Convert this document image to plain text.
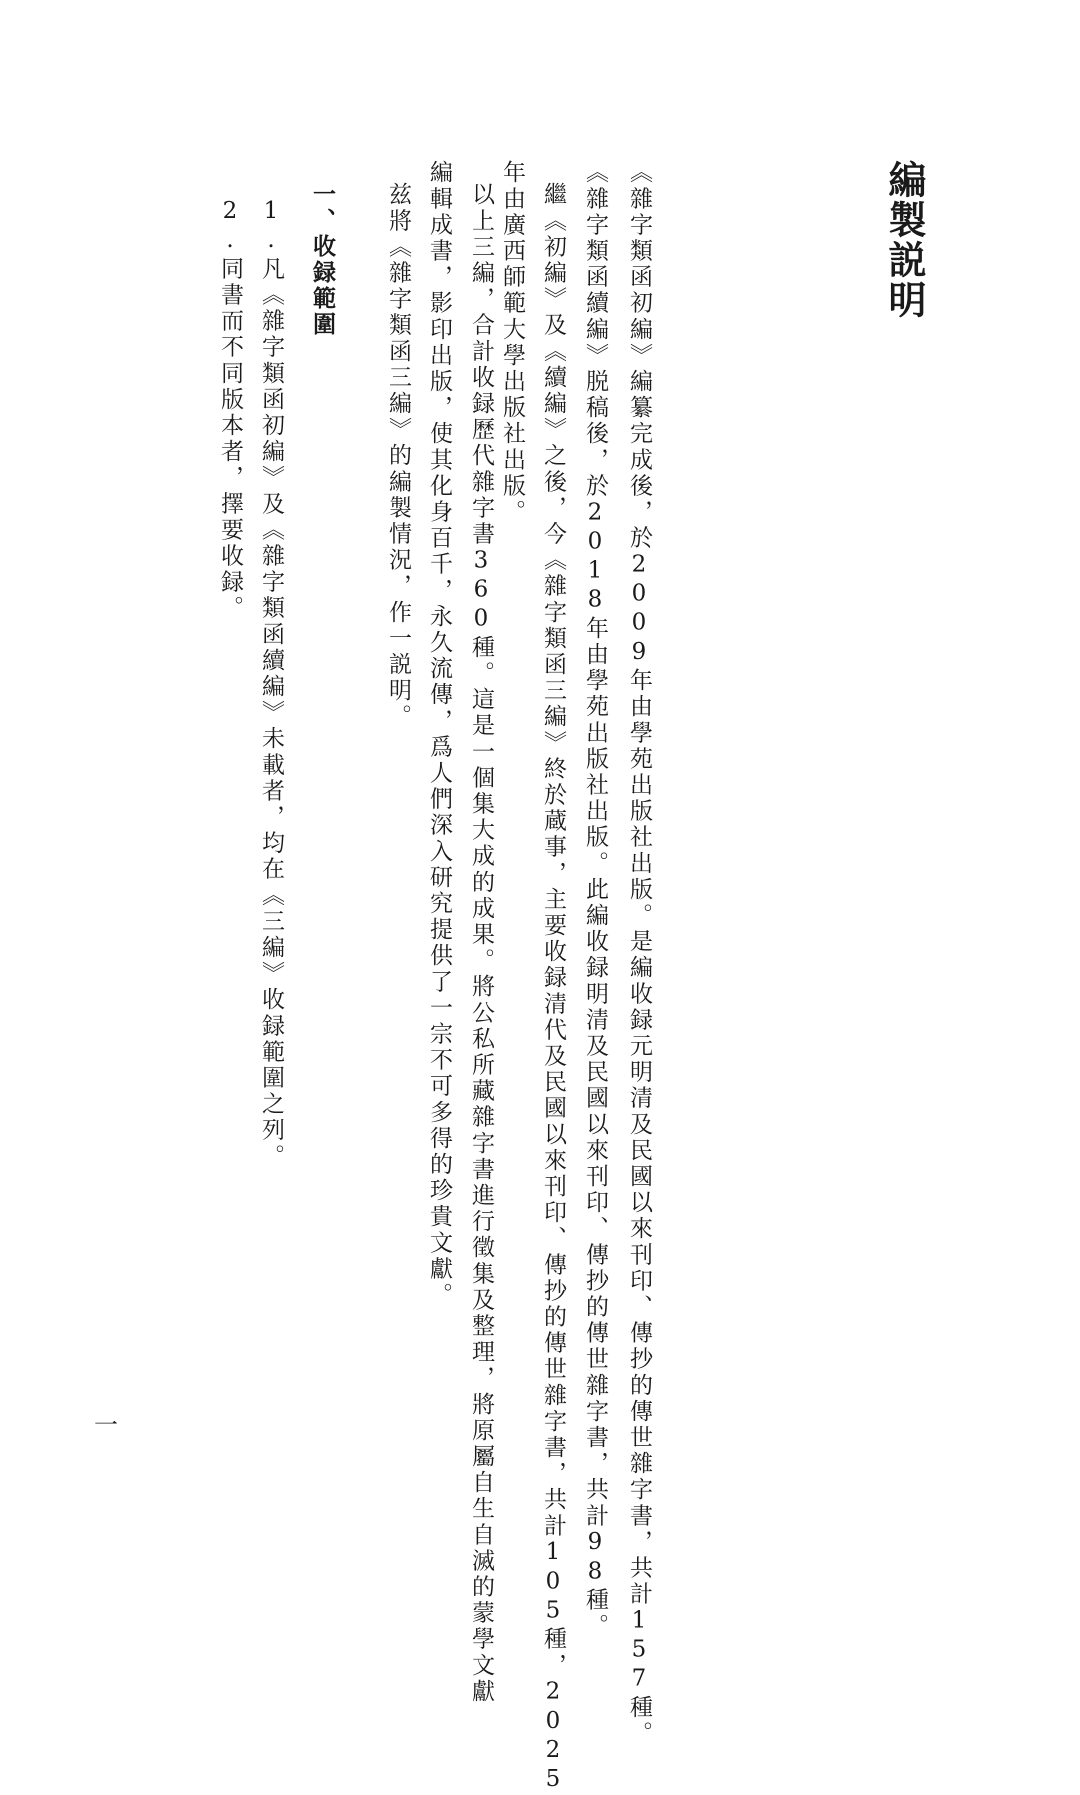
編製説明
《雜字類函初編》編纂完成後，於2009年由學苑出版社出版。是編收録元明清及民國以來刊印、傳抄的傳世雜字書，共計157種。
《雜字類函續編》脱稿後，於2018年由學苑出版社出版。此編收録明清及民國以來刊印、傳抄的傳世雜字書，共計98種。
繼《初編》及《續編》之後，今《雜字類函三編》終於蔵事，主要收録清代及民國以來刊印、傳抄的傳世雜字書，共計105種，2025
年由廣西師範大學出版社出版。
以上三編，合計收録歷代雜字書360種。這是一個集大成的成果。將公私所藏雜字書進行徵集及整理，將原屬自生自滅的蒙學文獻
編輯成書，影印出版，使其化身百千，永久流傳，爲人們深入研究提供了一宗不可多得的珍貴文獻。
兹將《雜字類函三編》的編製情況，作一説明。
一、收録範圍
1.凡《雜字類函初編》及《雜字類函續編》未載者，均在《三編》收録範圍之列。
2.同書而不同版本者，擇要收録。
一
